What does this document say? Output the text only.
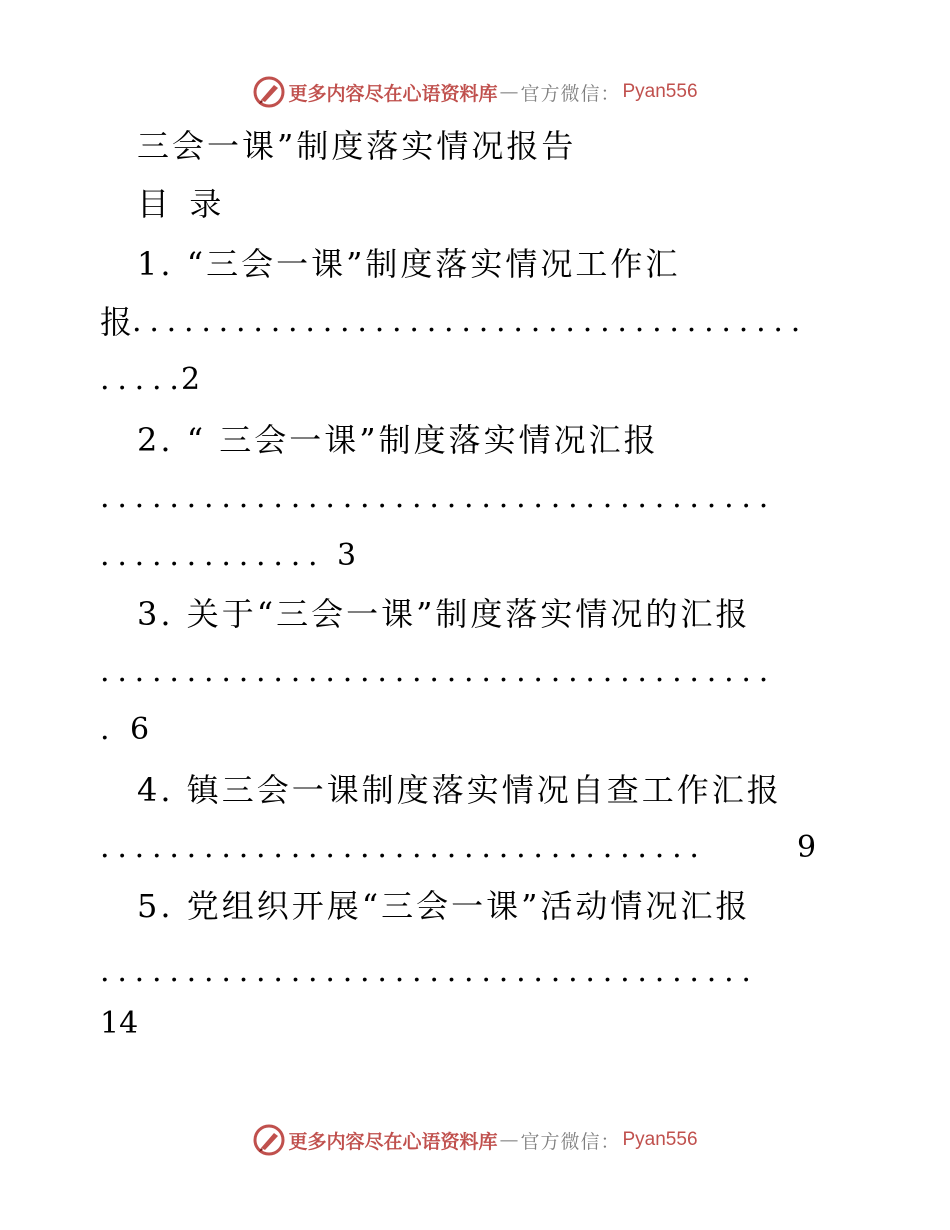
更多内容尽在心语资料库 — 官方微信： Pyan556
三会一课”制度落实情况报告
目  录
1. “三会一课”制度落实情况工作汇
报 .......................................
.....
2
2. “ 三会一课”制度落实情况汇报
.......................................
............. 3
3. 关于“三会一课”制度落实情况的汇报
.......................................
. 6
4. 镇三会一课制度落实情况自查工作汇报
...................................	9
5. 党组织开展“三会一课”活动情况汇报
......................................
14
更多内容尽在心语资料库 — 官方微信： Pyan556
